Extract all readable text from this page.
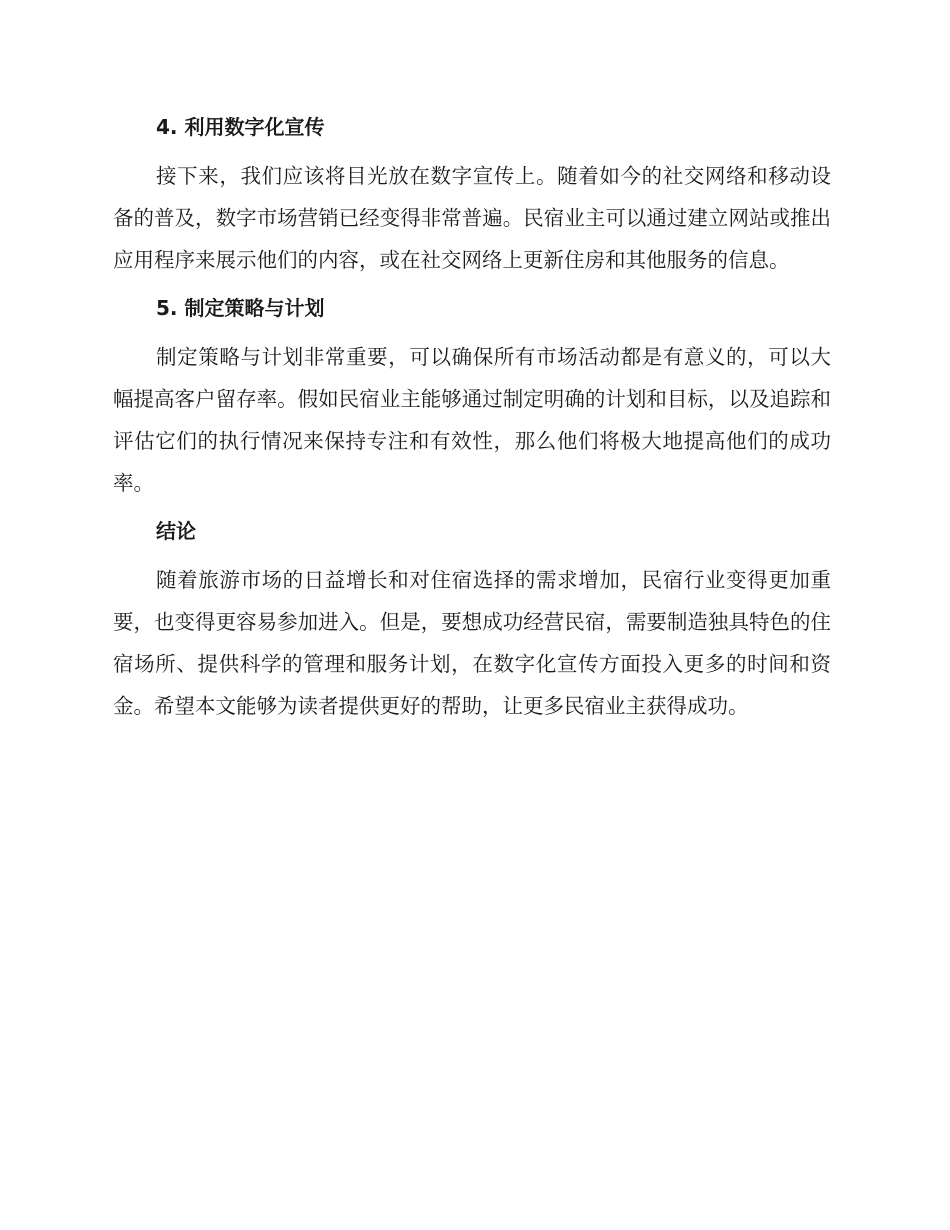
4. 利用数字化宣传

接下来，我们应该将目光放在数字宣传上。随着如今的社交网络和移动设备的普及，数字市场营销已经变得非常普遍。民宿业主可以通过建立网站或推出应用程序来展示他们的内容，或在社交网络上更新住房和其他服务的信息。

5. 制定策略与计划

制定策略与计划非常重要，可以确保所有市场活动都是有意义的，可以大幅提高客户留存率。假如民宿业主能够通过制定明确的计划和目标，以及追踪和评估它们的执行情况来保持专注和有效性，那么他们将极大地提高他们的成功率。

结论

随着旅游市场的日益增长和对住宿选择的需求增加，民宿行业变得更加重要，也变得更容易参加进入。但是，要想成功经营民宿，需要制造独具特色的住宿场所、提供科学的管理和服务计划，在数字化宣传方面投入更多的时间和资金。希望本文能够为读者提供更好的帮助，让更多民宿业主获得成功。
